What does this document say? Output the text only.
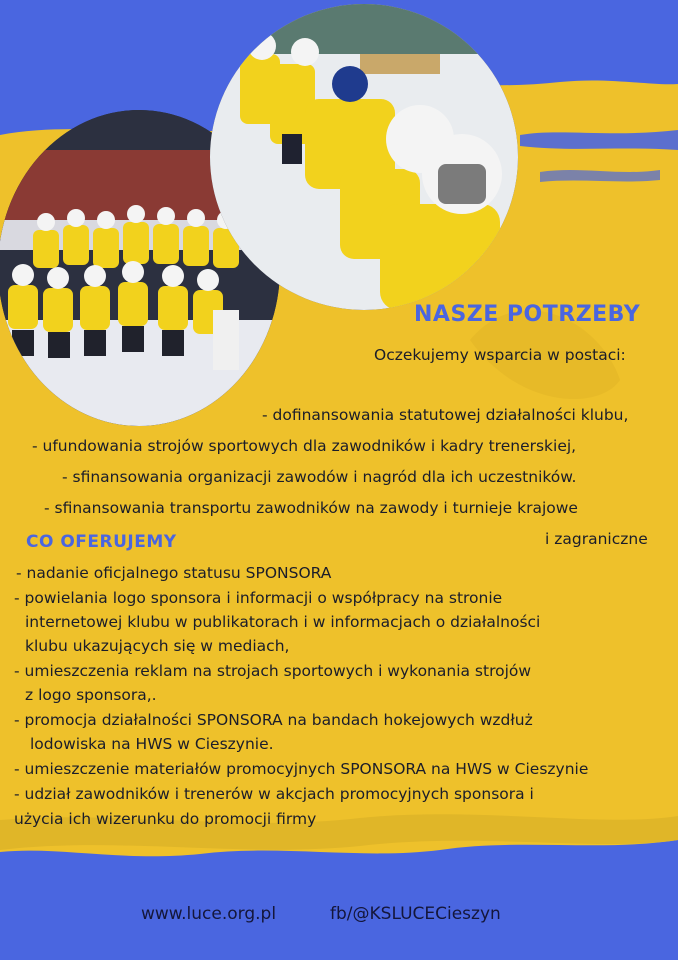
NASZE POTRZEBY
Oczekujemy wsparcia w postaci:
- dofinansowania statutowej działalności klubu,
- ufundowania strojów sportowych dla zawodników i kadry trenerskiej,
- sfinansowania organizacji zawodów i nagród dla ich uczestników.
- sfinansowania transportu zawodników na zawody i turnieje krajowe
i zagraniczne
CO OFERUJEMY
- nadanie oficjalnego statusu SPONSORA
- powielania logo sponsora i informacji o współpracy na stronie
internetowej klubu w publikatorach i w informacjach o działalności
klubu ukazujących się w mediach,
- umieszczenia reklam na strojach sportowych i wykonania strojów
z logo sponsora,.
- promocja działalności SPONSORA na bandach hokejowych wzdłuż
lodowiska na HWS w Cieszynie.
- umieszczenie materiałów promocyjnych SPONSORA na HWS w Cieszynie
- udział zawodników i trenerów w akcjach promocyjnych sponsora i
użycia ich wizerunku do promocji firmy
www.luce.org.pl	fb/@KSLUCECieszyn
